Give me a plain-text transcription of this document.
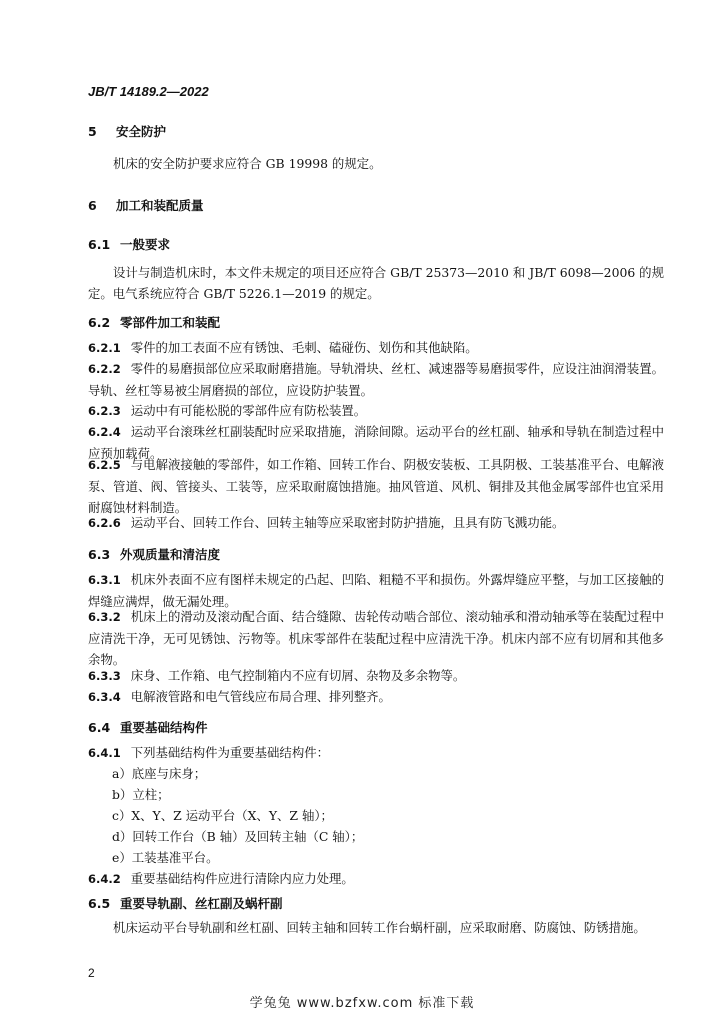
JB/T 14189.2—2022
5 安全防护
机床的安全防护要求应符合 GB 19998 的规定。
6 加工和装配质量
6.1 一般要求
设计与制造机床时，本文件未规定的项目还应符合 GB/T 25373—2010 和 JB/T 6098—2006 的规定。电气系统应符合 GB/T 5226.1—2019 的规定。
6.2 零部件加工和装配
6.2.1 零件的加工表面不应有锈蚀、毛刺、磕碰伤、划伤和其他缺陷。
6.2.2 零件的易磨损部位应采取耐磨措施。导轨滑块、丝杠、减速器等易磨损零件，应设注油润滑装置。导轨、丝杠等易被尘屑磨损的部位，应设防护装置。
6.2.3 运动中有可能松脱的零部件应有防松装置。
6.2.4 运动平台滚珠丝杠副装配时应采取措施，消除间隙。运动平台的丝杠副、轴承和导轨在制造过程中应预加载荷。
6.2.5 与电解液接触的零部件，如工作箱、回转工作台、阴极安装板、工具阴极、工装基准平台、电解液泵、管道、阀、管接头、工装等，应采取耐腐蚀措施。抽风管道、风机、铜排及其他金属零部件也宜采用耐腐蚀材料制造。
6.2.6 运动平台、回转工作台、回转主轴等应采取密封防护措施，且具有防飞溅功能。
6.3 外观质量和清洁度
6.3.1 机床外表面不应有图样未规定的凸起、凹陷、粗糙不平和损伤。外露焊缝应平整，与加工区接触的焊缝应满焊，做无漏处理。
6.3.2 机床上的滑动及滚动配合面、结合缝隙、齿轮传动啮合部位、滚动轴承和滑动轴承等在装配过程中应清洗干净，无可见锈蚀、污物等。机床零部件在装配过程中应清洗干净。机床内部不应有切屑和其他多余物。
6.3.3 床身、工作箱、电气控制箱内不应有切屑、杂物及多余物等。
6.3.4 电解液管路和电气管线应布局合理、排列整齐。
6.4 重要基础结构件
6.4.1 下列基础结构件为重要基础结构件：
a）底座与床身；
b）立柱；
c）X、Y、Z 运动平台（X、Y、Z 轴）；
d）回转工作台（B 轴）及回转主轴（C 轴）；
e）工装基准平台。
6.4.2 重要基础结构件应进行清除内应力处理。
6.5 重要导轨副、丝杠副及蜗杆副
机床运动平台导轨副和丝杠副、回转主轴和回转工作台蜗杆副，应采取耐磨、防腐蚀、防锈措施。
2
学兔兔 www.bzfxw.com 标准下载
